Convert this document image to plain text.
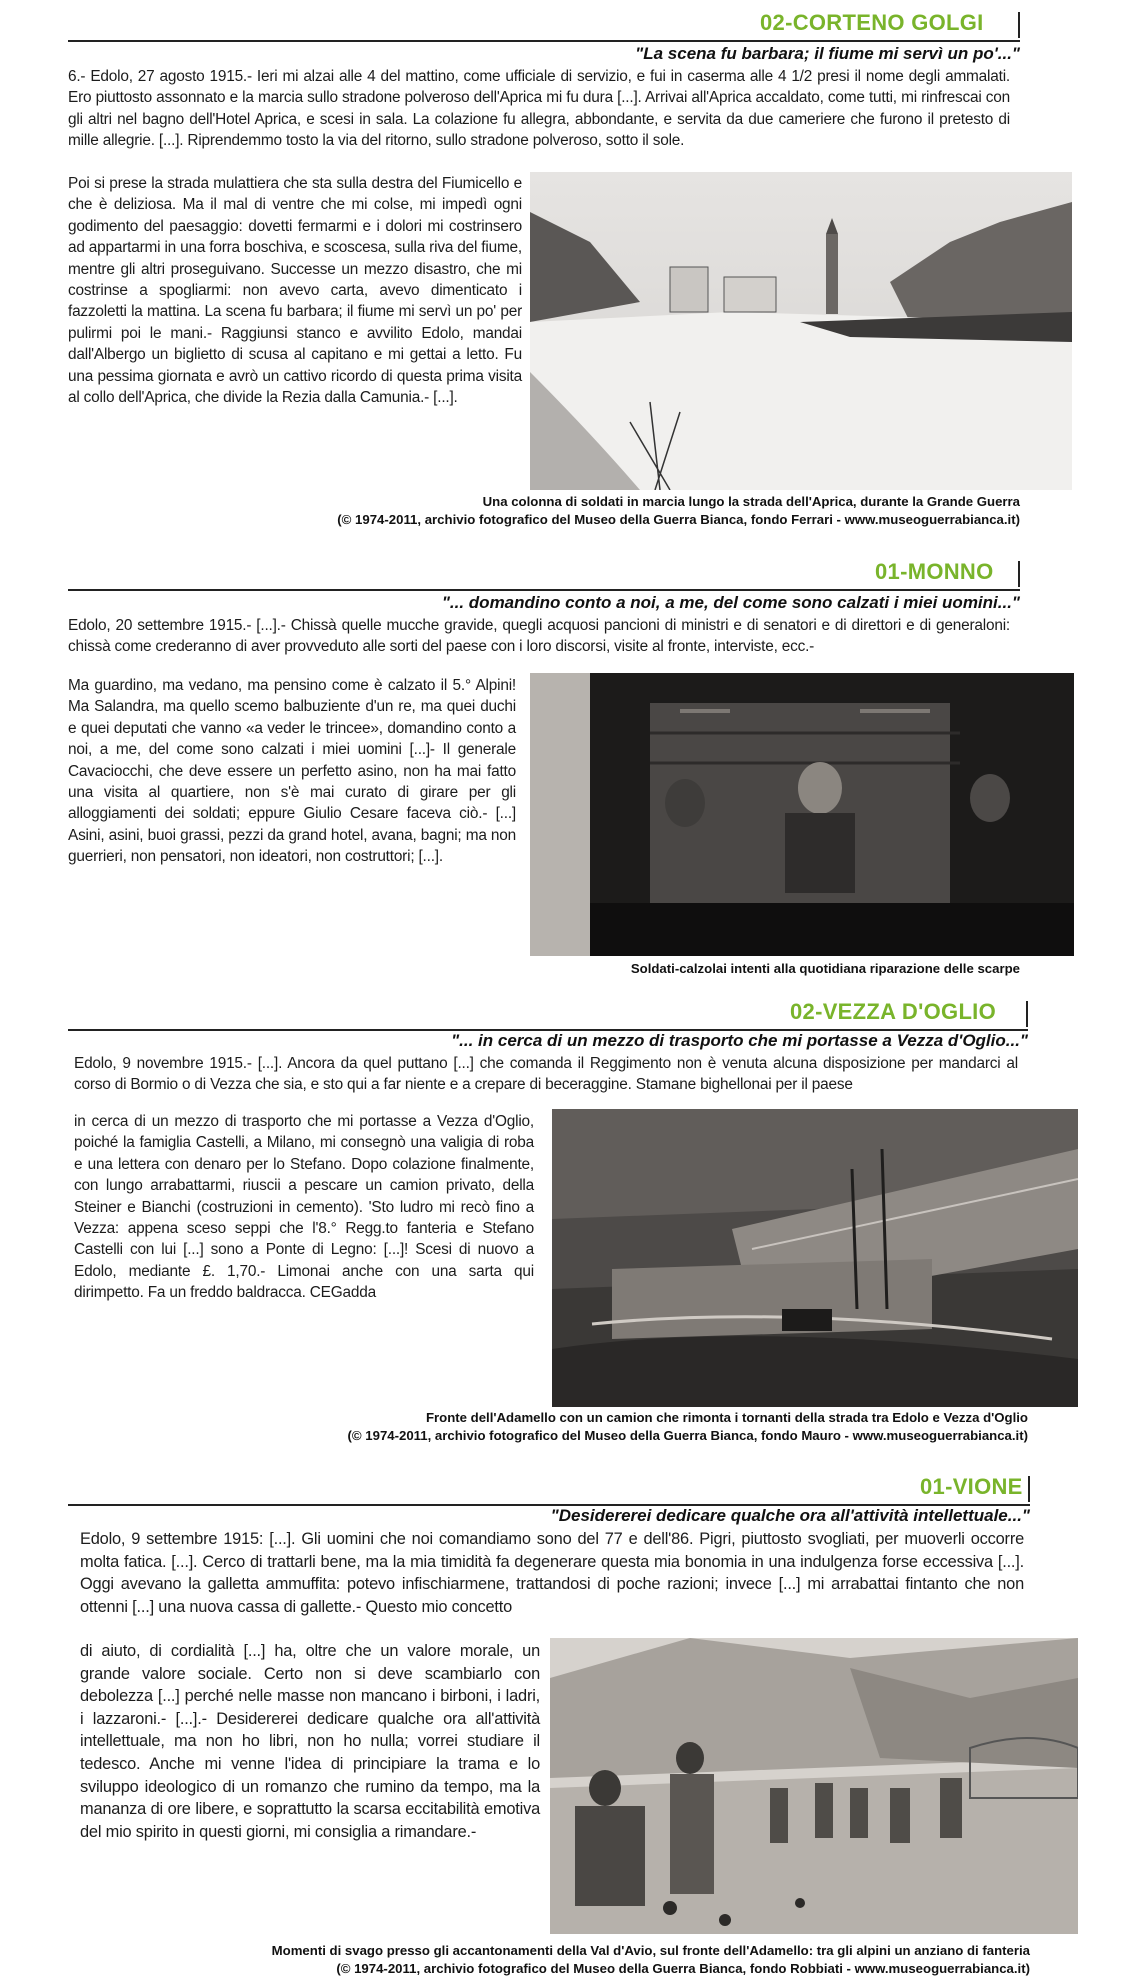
02-CORTENO GOLGI
"La scena fu barbara; il fiume mi servì un po'..."
6.- Edolo, 27 agosto 1915.- Ieri mi alzai alle 4 del mattino, come ufficiale di servizio, e fui in caserma alle 4 1/2 presi il nome degli ammalati. Ero piuttosto assonnato e la marcia sullo stradone polveroso dell'Aprica mi fu dura [...]. Arrivai all'Aprica accaldato, come tutti, mi rinfrescai con gli altri nel bagno dell'Hotel Aprica, e scesi in sala. La colazione fu allegra, abbondante, e servita da due cameriere che furono il pretesto di mille allegrie. [...]. Riprendemmo tosto la via del ritorno, sullo stradone polveroso, sotto il sole.
Poi si prese la strada mulattiera che sta sulla destra del Fiumicello e che è deliziosa. Ma il mal di ventre che mi colse, mi impedì ogni godimento del paesaggio: dovetti fermarmi e i dolori mi costrinsero ad appartarmi in una forra boschiva, e scoscesa, sulla riva del fiume, mentre gli altri proseguivano. Successe un mezzo disastro, che mi costrinse a spogliarmi: non avevo carta, avevo dimenticato i fazzoletti la mattina. La scena fu barbara; il fiume mi servì un po' per pulirmi poi le mani.- Raggiunsi stanco e avvilito Edolo, mandai dall'Albergo un biglietto di scusa al capitano e mi gettai a letto. Fu una pessima giornata e avrò un cattivo ricordo di questa prima visita al collo dell'Aprica, che divide la Rezia dalla Camunia.- [...].
Una colonna di soldati in marcia lungo la strada dell'Aprica, durante la Grande Guerra
(© 1974-2011, archivio fotografico del Museo della Guerra Bianca, fondo Ferrari - www.museoguerrabianca.it)
01-MONNO
"... domandino conto a noi, a me, del come sono calzati i miei uomini..."
Edolo, 20 settembre 1915.- [...].- Chissà quelle mucche gravide, quegli acquosi pancioni di ministri e di senatori e di direttori e di generaloni: chissà come crederanno di aver provveduto alle sorti del paese con i loro discorsi, visite al fronte, interviste, ecc.-
Ma guardino, ma vedano, ma pensino come è calzato il 5.° Alpini! Ma Salandra, ma quello scemo balbuziente d'un re, ma quei duchi e quei deputati che vanno «a veder le trincee», domandino conto a noi, a me, del come sono calzati i miei uomini [...]- Il generale Cavaciocchi, che deve essere un perfetto asino, non ha mai fatto una visita al quartiere, non s'è mai curato di girare per gli alloggiamenti dei soldati; eppure Giulio Cesare faceva ciò.- [...] Asini, asini, buoi grassi, pezzi da grand hotel, avana, bagni; ma non guerrieri, non pensatori, non ideatori, non costruttori; [...].
Soldati-calzolai intenti alla quotidiana riparazione delle scarpe
02-VEZZA D'OGLIO
"... in cerca di un mezzo di trasporto che mi portasse a Vezza d'Oglio..."
Edolo, 9 novembre 1915.- [...]. Ancora da quel puttano [...] che comanda il Reggimento non è venuta alcuna disposizione per mandarci al corso di Bormio o di Vezza che sia, e sto qui a far niente e a crepare di beceraggine. Stamane bighellonai per il paese
in cerca di un mezzo di trasporto che mi portasse a Vezza d'Oglio, poiché la famiglia Castelli, a Milano, mi consegnò una valigia di roba e una lettera con denaro per lo Stefano. Dopo colazione finalmente, con lungo arrabattarmi, riuscii a pescare un camion privato, della Steiner e Bianchi (costruzioni in cemento). 'Sto ludro mi recò fino a Vezza: appena sceso seppi che l'8.° Regg.to fanteria e Stefano Castelli con lui [...] sono a Ponte di Legno: [...]! Scesi di nuovo a Edolo, mediante £. 1,70.- Limonai anche con una sarta qui dirimpetto. Fa un freddo baldracca. CEGadda
Fronte dell'Adamello con un camion che rimonta i tornanti della strada tra Edolo e Vezza d'Oglio
(© 1974-2011, archivio fotografico del Museo della Guerra Bianca, fondo Mauro - www.museoguerrabianca.it)
01-VIONE
"Desidererei dedicare qualche ora all'attività intellettuale..."
Edolo, 9 settembre 1915: [...]. Gli uomini che noi comandiamo sono del 77 e dell'86. Pigri, piuttosto svogliati, per muoverli occorre molta fatica. [...]. Cerco di trattarli bene, ma la mia timidità fa degenerare questa mia bonomia in una indulgenza forse eccessiva [...]. Oggi avevano la galletta ammuffita: potevo infischiarmene, trattandosi di poche razioni; invece [...] mi arrabattai fintanto che non ottenni [...] una nuova cassa di gallette.- Questo mio concetto
di aiuto, di cordialità [...] ha, oltre che un valore morale, un grande valore sociale. Certo non si deve scambiarlo con debolezza [...] perché nelle masse non mancano i birboni, i ladri, i lazzaroni.- [...].- Desidererei dedicare qualche ora all'attività intellettuale, ma non ho libri, non ho nulla; vorrei studiare il tedesco. Anche mi venne l'idea di principiare la trama e lo sviluppo ideologico di un romanzo che rumino da tempo, ma la mananza di ore libere, e soprattutto la scarsa eccitabilità emotiva del mio spirito in questi giorni, mi consiglia a rimandare.-
Momenti di svago presso gli accantonamenti della Val d'Avio, sul fronte dell'Adamello: tra gli alpini un anziano di fanteria
(© 1974-2011, archivio fotografico del Museo della Guerra Bianca, fondo Robbiati - www.museoguerrabianca.it)
